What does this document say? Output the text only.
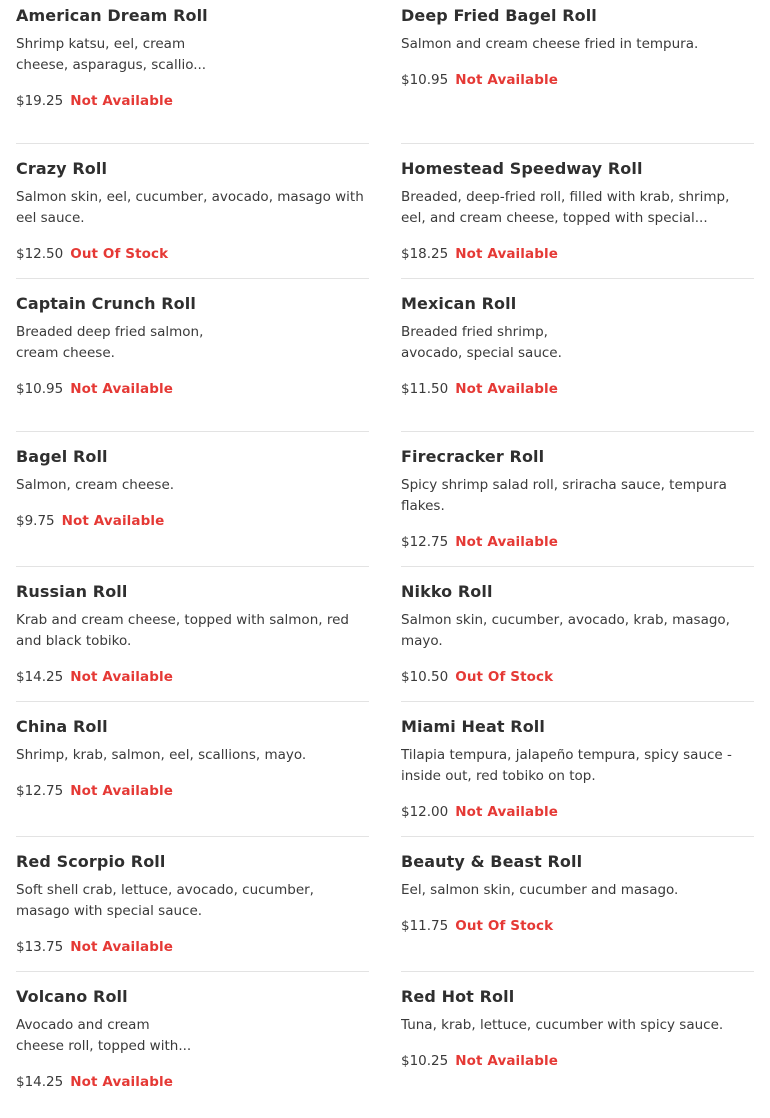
American Dream Roll
Shrimp katsu, eel, cream cheese, asparagus, scallio...
$19.25 Not Available
Deep Fried Bagel Roll
Salmon and cream cheese fried in tempura.
$10.95 Not Available
Crazy Roll
Salmon skin, eel, cucumber, avocado, masago with eel sauce.
$12.50 Out Of Stock
Homestead Speedway Roll
Breaded, deep-fried roll, filled with krab, shrimp, eel, and cream cheese, topped with special...
$18.25 Not Available
Captain Crunch Roll
Breaded deep fried salmon, cream cheese.
$10.95 Not Available
Mexican Roll
Breaded fried shrimp, avocado, special sauce.
$11.50 Not Available
Bagel Roll
Salmon, cream cheese.
$9.75 Not Available
Firecracker Roll
Spicy shrimp salad roll, sriracha sauce, tempura flakes.
$12.75 Not Available
Russian Roll
Krab and cream cheese, topped with salmon, red and black tobiko.
$14.25 Not Available
Nikko Roll
Salmon skin, cucumber, avocado, krab, masago, mayo.
$10.50 Out Of Stock
China Roll
Shrimp, krab, salmon, eel, scallions, mayo.
$12.75 Not Available
Miami Heat Roll
Tilapia tempura, jalapeño tempura, spicy sauce - inside out, red tobiko on top.
$12.00 Not Available
Red Scorpio Roll
Soft shell crab, lettuce, avocado, cucumber, masago with special sauce.
$13.75 Not Available
Beauty & Beast Roll
Eel, salmon skin, cucumber and masago.
$11.75 Out Of Stock
Volcano Roll
Avocado and cream cheese roll, topped with...
$14.25 Not Available
Red Hot Roll
Tuna, krab, lettuce, cucumber with spicy sauce.
$10.25 Not Available
